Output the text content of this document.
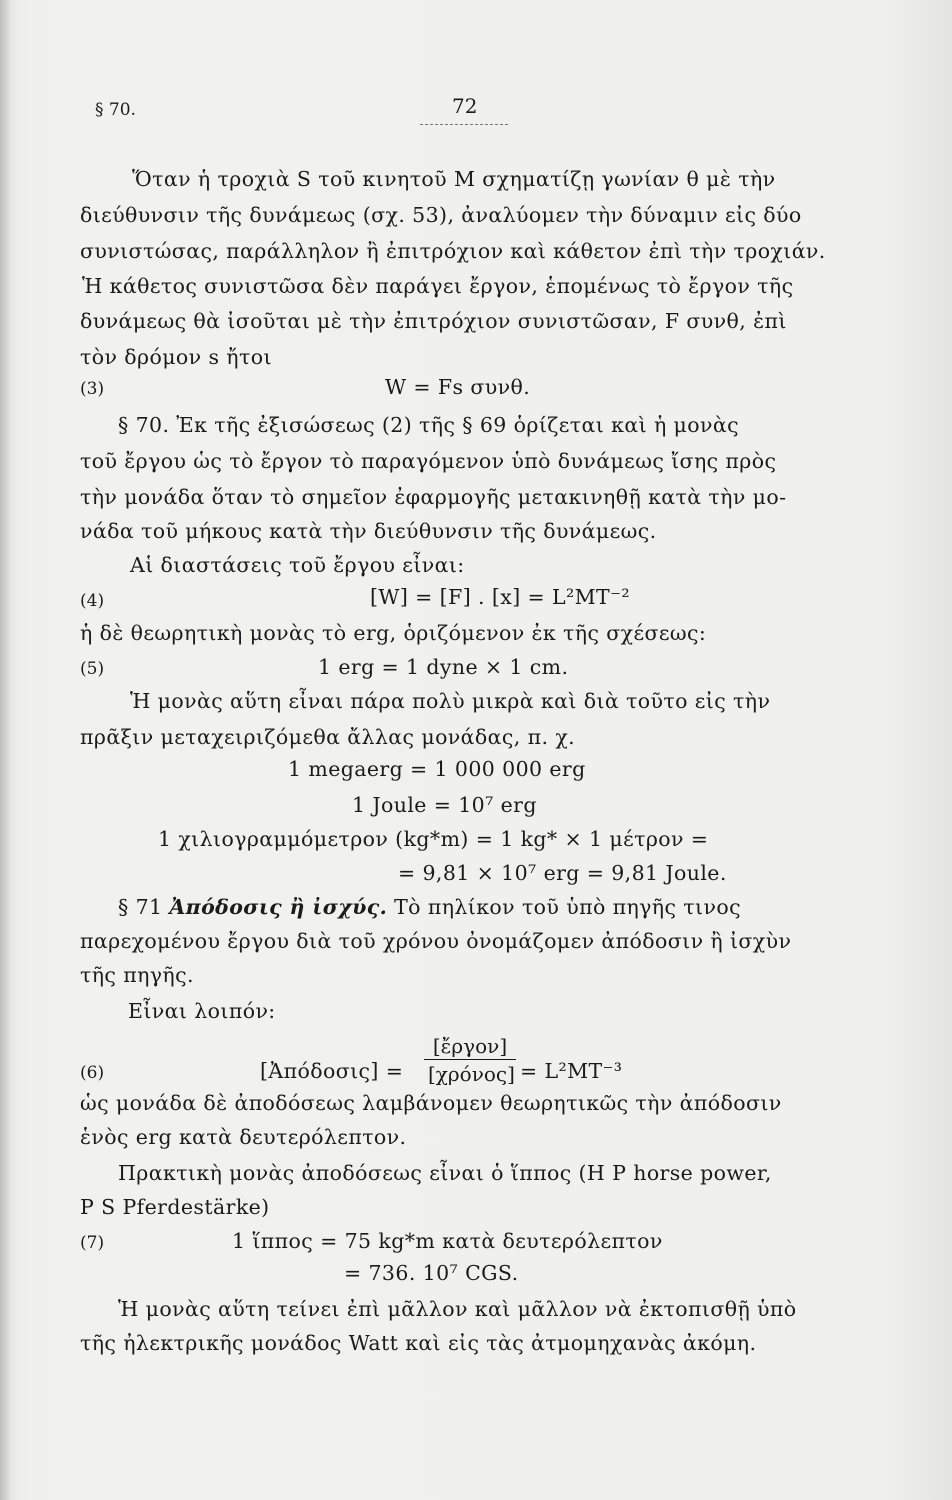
§ 70.	72
Ὅταν ἡ τροχιὰ S τοῦ κινητοῦ M σχηματίζῃ γωνίαν θ μὲ τὴν
διεύθυνσιν τῆς δυνάμεως (σχ. 53), ἀναλύομεν τὴν δύναμιν εἰς δύο
συνιστώσας, παράλληλον ἢ ἐπιτρόχιον καὶ κάθετον ἐπὶ τὴν τροχιάν.
Ἡ κάθετος συνιστῶσα δὲν παράγει ἔργον, ἑπομένως τὸ ἔργον τῆς
δυνάμεως θὰ ἰσοῦται μὲ τὴν ἐπιτρόχιον συνιστῶσαν, F συνθ, ἐπὶ
τὸν δρόμον s ἤτοι
(3)	W = Fs συνθ.
§ 70. Ἐκ τῆς ἐξισώσεως (2) τῆς § 69 ὁρίζεται καὶ ἡ μονὰς
τοῦ ἔργου ὡς τὸ ἔργον τὸ παραγόμενον ὑπὸ δυνάμεως ἴσης πρὸς
τὴν μονάδα ὅταν τὸ σημεῖον ἐφαρμογῆς μετακινηθῇ κατὰ τὴν μο-
νάδα τοῦ μήκους κατὰ τὴν διεύθυνσιν τῆς δυνάμεως.
Αἱ διαστάσεις τοῦ ἔργου εἶναι:
(4)	[W] = [F] . [x] = L²MT⁻²
ἡ δὲ θεωρητικὴ μονὰς τὸ erg, ὁριζόμενον ἐκ τῆς σχέσεως:
(5)	1 erg = 1 dyne × 1 cm.
Ἡ μονὰς αὕτη εἶναι πάρα πολὺ μικρὰ καὶ διὰ τοῦτο εἰς τὴν
πρᾶξιν μεταχειριζόμεθα ἄλλας μονάδας, π. χ.
1 megaerg = 1 000 000 erg
1 Joule = 10⁷ erg
1 χιλιογραμμόμετρον (kg*m) = 1 kg* × 1 μέτρον =
= 9,81 × 10⁷ erg = 9,81 Joule.
§ 71 Ἀπόδοσις ἢ ἰσχύς. Τὸ πηλίκον τοῦ ὑπὸ πηγῆς τινος
παρεχομένου ἔργου διὰ τοῦ χρόνου ὀνομάζομεν ἀπόδοσιν ἢ ἰσχὺν
τῆς πηγῆς.
Εἶναι λοιπόν:
(6)	[Ἀπόδοσις] =
[ἔργον]
[χρόνος] = L²MT⁻³
ὡς μονάδα δὲ ἀποδόσεως λαμβάνομεν θεωρητικῶς τὴν ἀπόδοσιν
ἑνὸς erg κατὰ δευτερόλεπτον.
Πρακτικὴ μονὰς ἀποδόσεως εἶναι ὁ ἵππος (H P horse power,
P S Pferdestärke)
(7)	1 ἵππος = 75 kg*m κατὰ δευτερόλεπτον
= 736. 10⁷ CGS.
Ἡ μονὰς αὕτη τείνει ἐπὶ μᾶλλον καὶ μᾶλλον νὰ ἐκτοπισθῇ ὑπὸ
τῆς ἠλεκτρικῆς μονάδος Watt καὶ εἰς τὰς ἀτμομηχανὰς ἀκόμη.
